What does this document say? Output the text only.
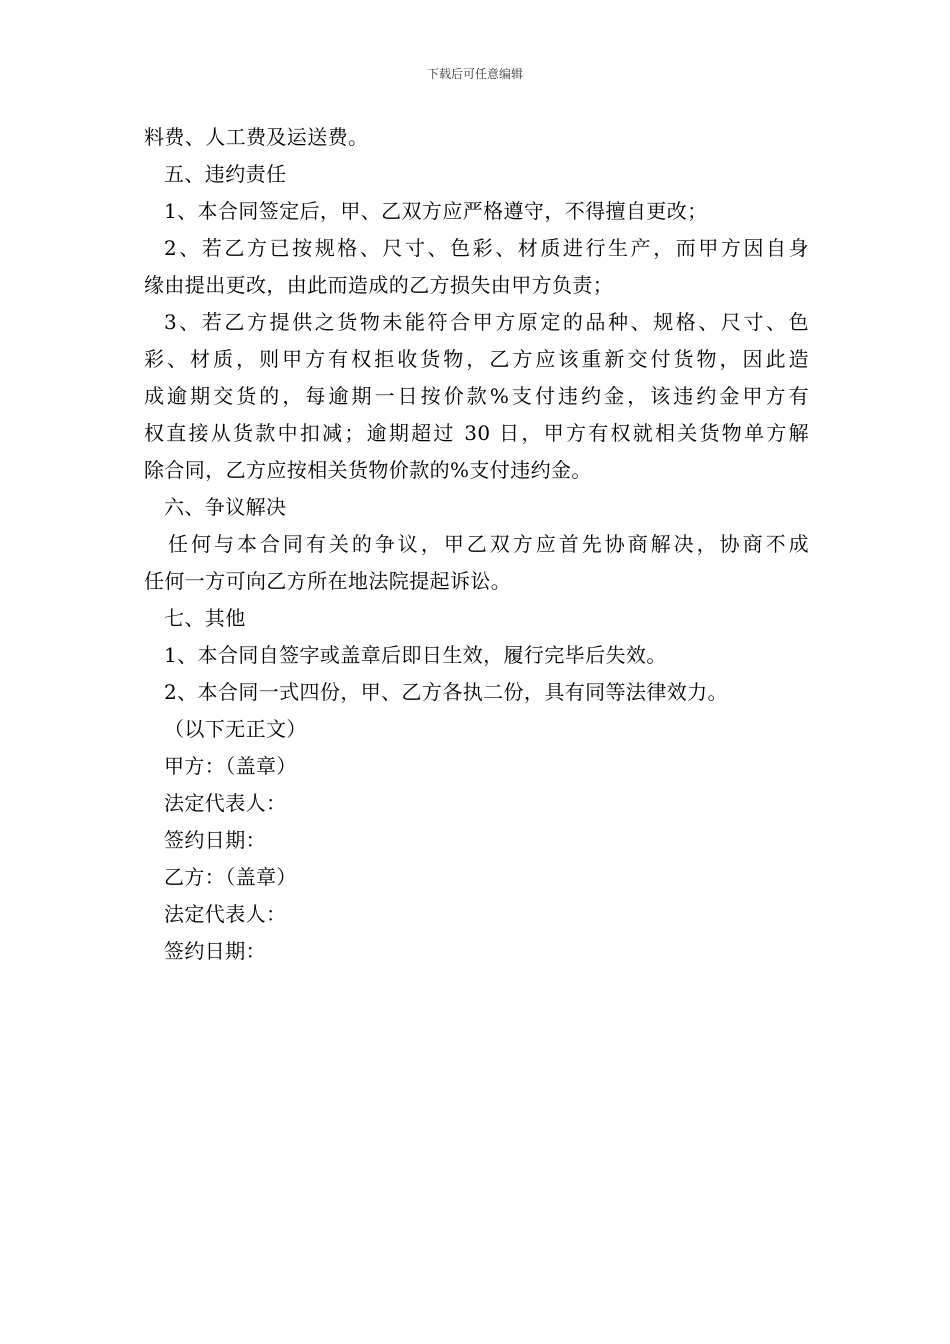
下载后可任意编辑
料费、人工费及运送费。
五、违约责任
1、本合同签定后，甲、乙双方应严格遵守，不得擅自更改；
2、若乙方已按规格、尺寸、色彩、材质进行生产，而甲方因自身
缘由提出更改，由此而造成的乙方损失由甲方负责；
3、若乙方提供之货物未能符合甲方原定的品种、规格、尺寸、色
彩、材质，则甲方有权拒收货物，乙方应该重新交付货物，因此造
成逾期交货的，每逾期一日按价款%支付违约金，该违约金甲方有
权直接从货款中扣减；逾期超过 30 日，甲方有权就相关货物单方解
除合同，乙方应按相关货物价款的%支付违约金。
六、争议解决
任何与本合同有关的争议，甲乙双方应首先协商解决，协商不成
任何一方可向乙方所在地法院提起诉讼。
七、其他
1、本合同自签字或盖章后即日生效，履行完毕后失效。
2、本合同一式四份，甲、乙方各执二份，具有同等法律效力。
（以下无正文）
甲方：（盖章）
法定代表人：
签约日期：
乙方：（盖章）
法定代表人：
签约日期：
